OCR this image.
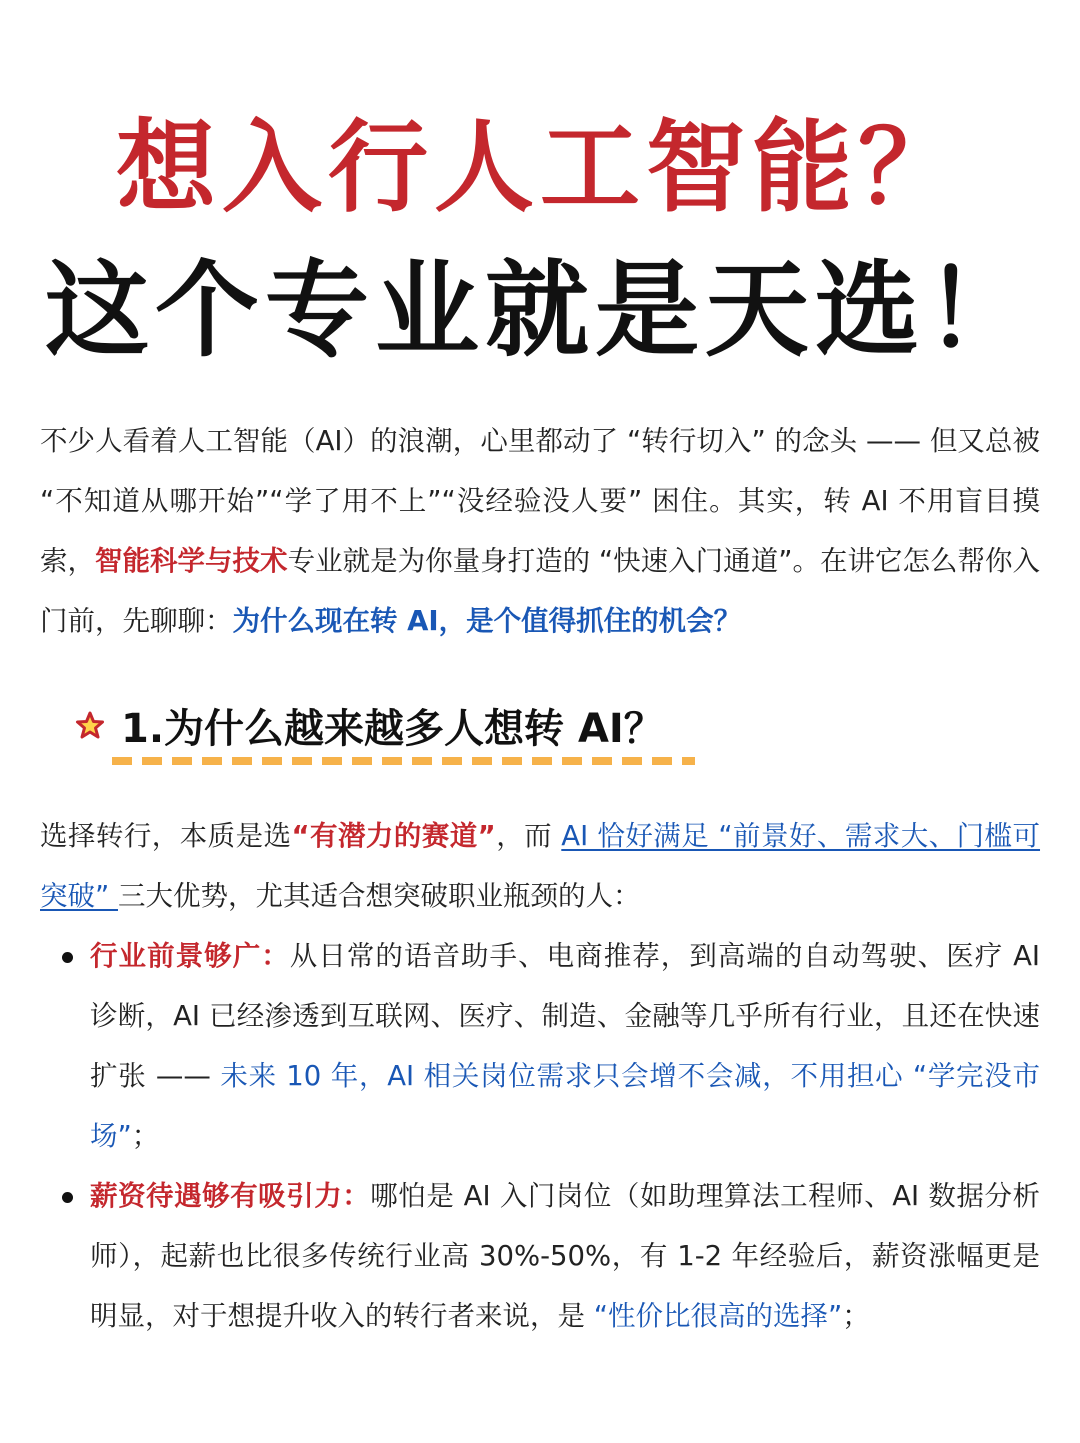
想入行人工智能？
这个专业就是天选！

不少人看着人工智能（AI）的浪潮，心里都动了 “转行切入” 的念头 —— 但又总被 “不知道从哪开始”“学了用不上”“没经验没人要” 困住。其实，转 AI 不用盲目摸索，智能科学与技术专业就是为你量身打造的 “快速入门通道”。在讲它怎么帮你入门前，先聊聊：为什么现在转 AI，是个值得抓住的机会？

1.为什么越来越多人想转 AI？

选择转行，本质是选“有潜力的赛道”，而 AI 恰好满足 “前景好、需求大、门槛可突破” 三大优势，尤其适合想突破职业瓶颈的人：

行业前景够广：从日常的语音助手、电商推荐，到高端的自动驾驶、医疗 AI 诊断，AI 已经渗透到互联网、医疗、制造、金融等几乎所有行业，且还在快速扩张 —— 未来 10 年，AI 相关岗位需求只会增不会减，不用担心 “学完没市场”；
薪资待遇够有吸引力：哪怕是 AI 入门岗位（如助理算法工程师、AI 数据分析师），起薪也比很多传统行业高 30%-50%，有 1-2 年经验后，薪资涨幅更是明显，对于想提升收入的转行者来说，是 “性价比很高的选择”；
